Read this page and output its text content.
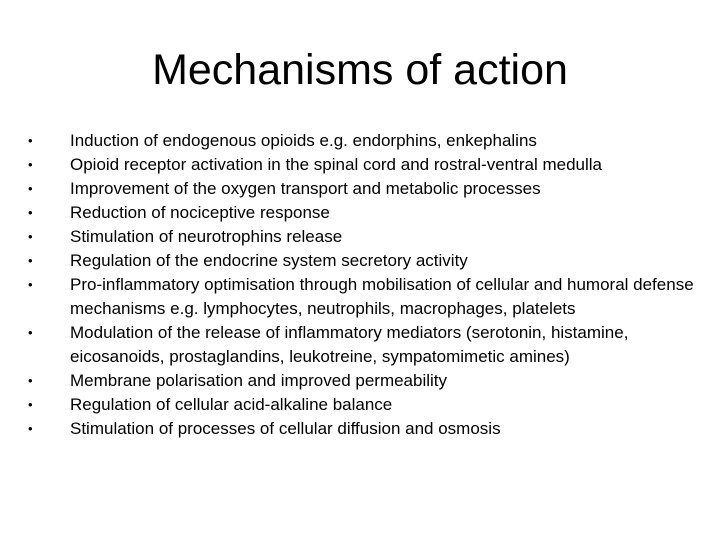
Mechanisms of action
• Induction of endogenous opioids e.g. endorphins, enkephalins
• Opioid receptor activation in the spinal cord and rostral-ventral medulla
• Improvement of the oxygen transport and metabolic processes
• Reduction of nociceptive response
• Stimulation of neurotrophins release
• Regulation of the endocrine system secretory activity
• Pro-inflammatory optimisation through mobilisation of cellular and humoral defense mechanisms e.g. lymphocytes, neutrophils, macrophages, platelets
• Modulation of the release of inflammatory mediators (serotonin, histamine, eicosanoids, prostaglandins, leukotreine, sympatomimetic amines)
• Membrane polarisation and improved permeability
• Regulation of cellular acid-alkaline balance
• Stimulation of processes of cellular diffusion and osmosis
